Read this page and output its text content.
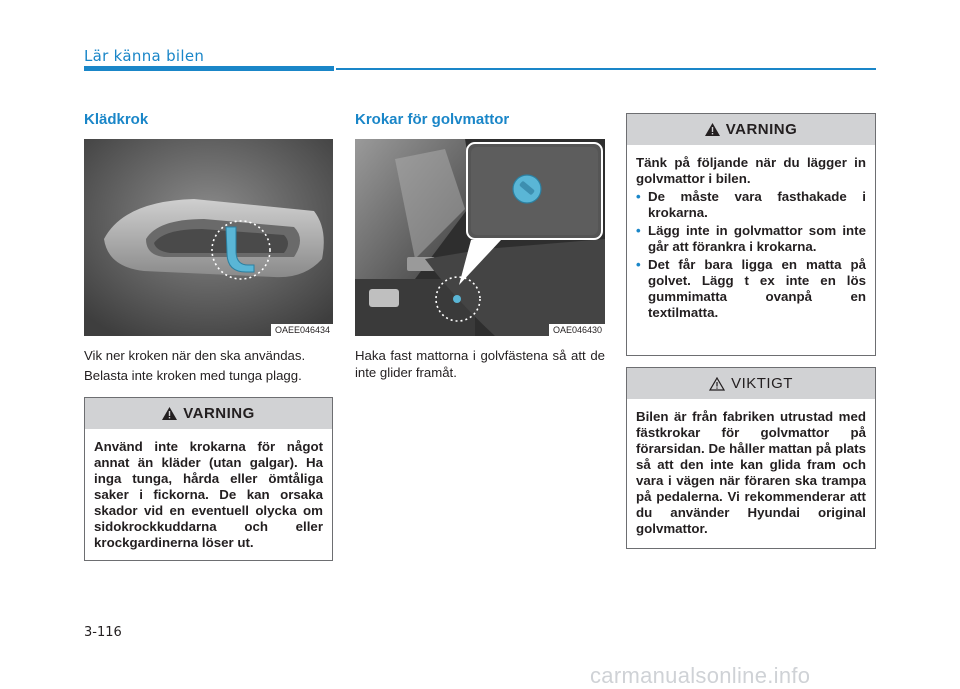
Lär känna bilen
Klädkrok
OAEE046434
Vik ner kroken när den ska användas.
Belasta inte kroken med tunga plagg.
VARNING
Använd inte krokarna för något annat än kläder (utan galgar). Ha inga tunga, hårda eller ömtåliga saker i fickorna. De kan orsaka skador vid en eventuell olycka om sidokrockkuddarna och eller krockgardinerna löser ut.
Krokar för golvmattor
OAE046430
Haka fast mattorna i golvfästena så att de inte glider framåt.
VARNING
Tänk på följande när du lägger in golvmattor i bilen.
• De måste vara fasthakade i krokarna.
• Lägg inte in golvmattor som inte går att förankra i krokarna.
• Det får bara ligga en matta på golvet. Lägg t ex inte en lös gummimatta ovanpå en textilmatta.
VIKTIGT
Bilen är från fabriken utrustad med fästkrokar för golvmattor på förarsidan. De håller mattan på plats så att den inte kan glida fram och vara i vägen när föraren ska trampa på pedalerna. Vi rekommenderar att du använder Hyundai original golvmattor.
3-116
carmanualsonline.info
